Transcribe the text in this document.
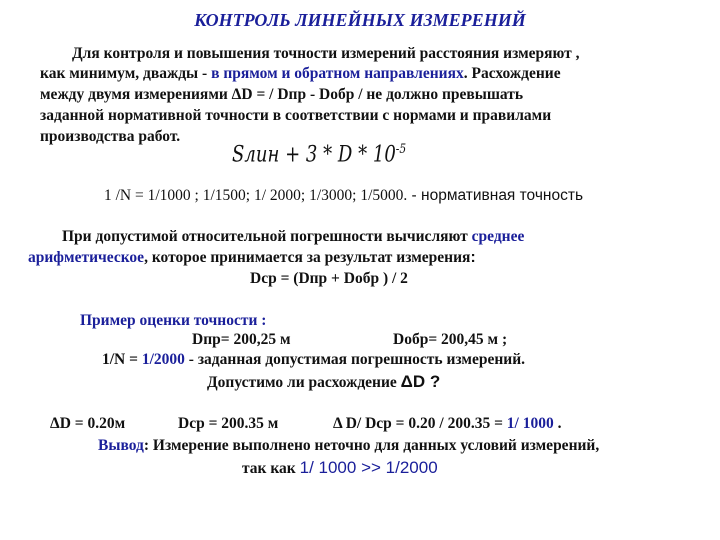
КОНТРОЛЬ ЛИНЕЙНЫХ ИЗМЕРЕНИЙ
Для контроля и повышения точности измерений расстояния измеряют ,
как минимум, дважды - в прямом и обратном направлениях. Расхождение
между двумя измерениями ΔD = / Dпр - Dобр / не должно превышать
заданной нормативной точности в соответствии с нормами и правилами
производства работ.
Sлин + 3 * D * $10^{-5}$
1 /N = 1/1000 ; 1/1500; 1/ 2000; 1/3000; 1/5000. - нормативная точность
При допустимой относительной погрешности вычисляют среднее
арифметическое, которое принимается за результат измерения:
Dср = (Dпр + Dобр ) / 2
Пример оценки точности :
Dпр= 200,25 м	Dобр= 200,45 м ;
1/N = 1/2000 - заданная допустимая погрешность измерений.
Допустимо ли расхождение ΔD ?
ΔD = 0.20м	Dср = 200.35 м	Δ D/ Dср = 0.20 / 200.35 = 1/ 1000 .
Вывод: Измерение выполнено неточно для данных условий измерений,
так как 1/ 1000 >> 1/2000
